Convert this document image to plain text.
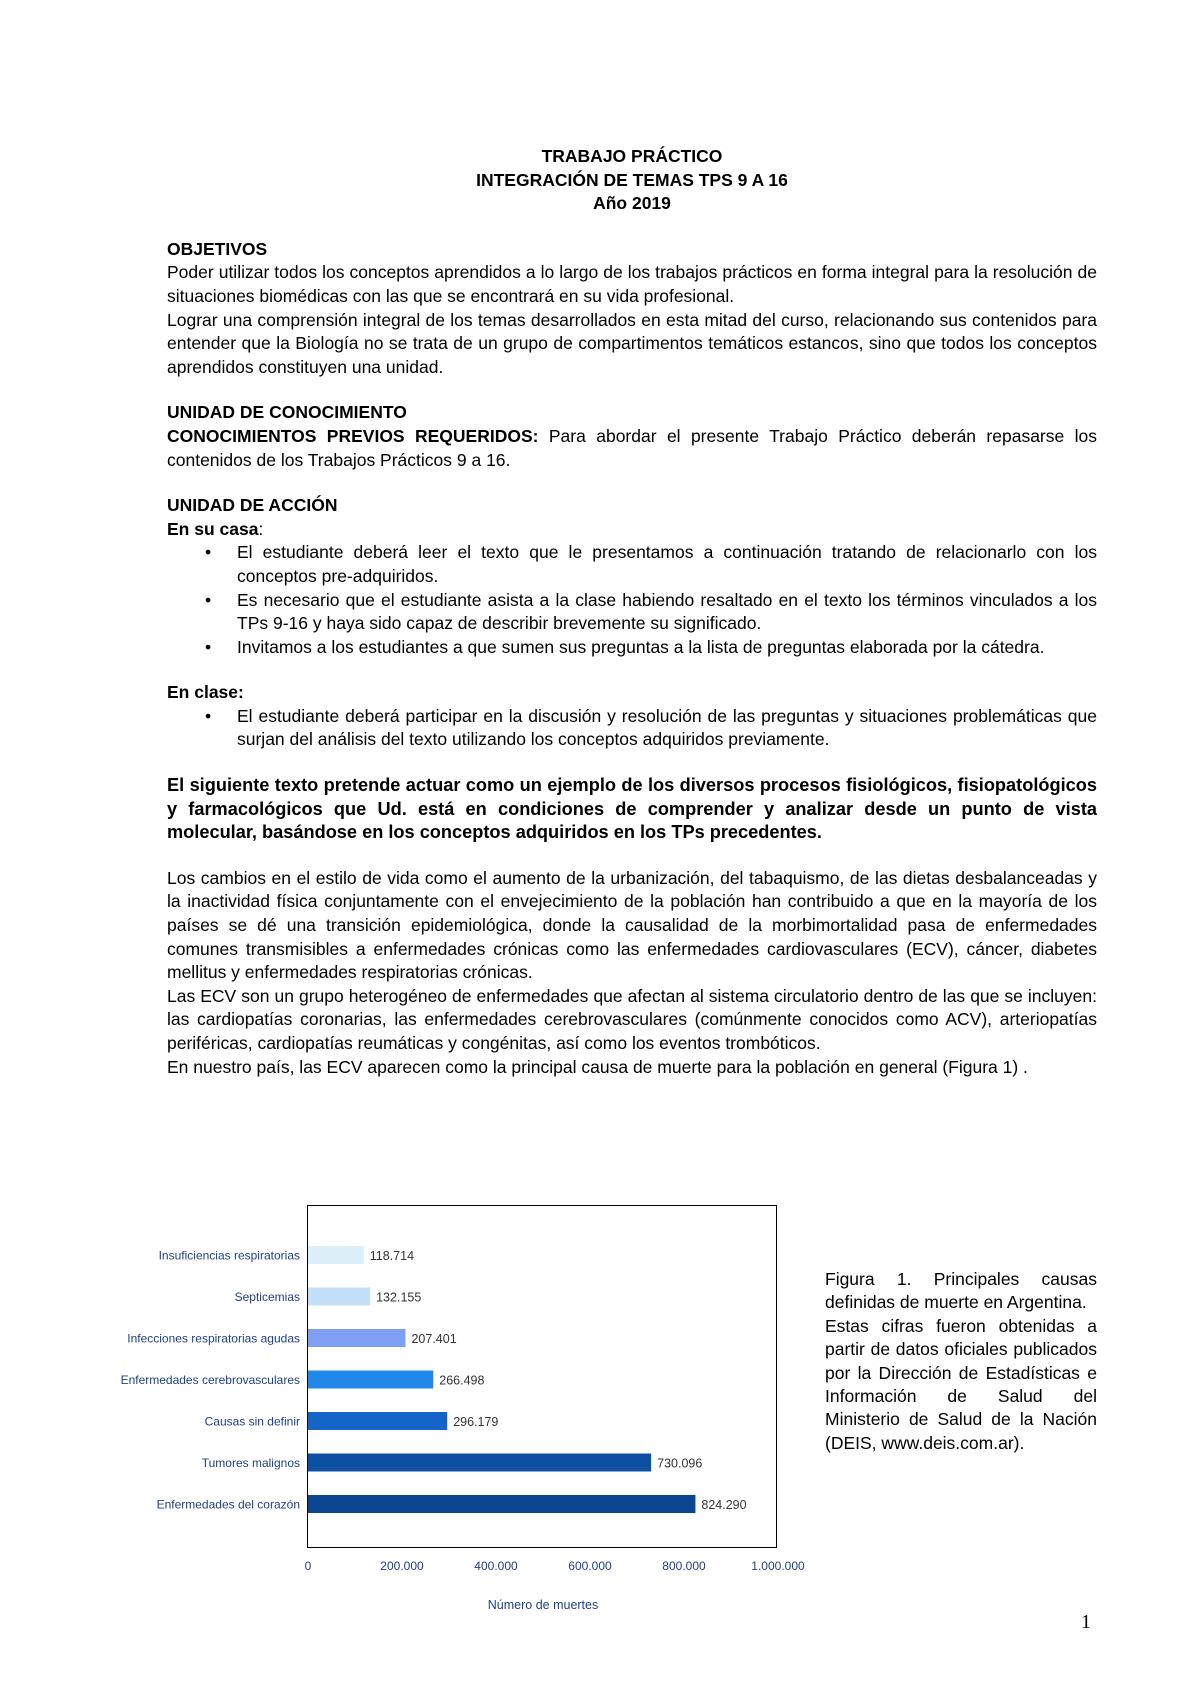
TRABAJO PRÁCTICO

INTEGRACIÓN DE TEMAS TPS 9 A 16

Año 2019

OBJETIVOS

Poder utilizar todos los conceptos aprendidos a lo largo de los trabajos prácticos en forma integral para la resolución de situaciones biomédicas con las que se encontrará en su vida profesional.

Lograr una comprensión integral de los temas desarrollados en esta mitad del curso, relacionando sus contenidos para entender que la Biología no se trata de un grupo de compartimentos temáticos estancos, sino que todos los conceptos aprendidos constituyen una unidad.

UNIDAD DE CONOCIMIENTO

CONOCIMIENTOS PREVIOS REQUERIDOS: Para abordar el presente Trabajo Práctico deberán repasarse los contenidos de los Trabajos Prácticos 9 a 16.

UNIDAD DE ACCIÓN

En su casa:

• El estudiante deberá leer el texto que le presentamos a continuación tratando de relacionarlo con los conceptos pre-adquiridos.
• Es necesario que el estudiante asista a la clase habiendo resaltado en el texto los términos vinculados a los TPs 9-16 y haya sido capaz de describir brevemente su significado.
• Invitamos a los estudiantes a que sumen sus preguntas a la lista de preguntas elaborada por la cátedra.

En clase:

• El estudiante deberá participar en la discusión y resolución de las preguntas y situaciones problemáticas que surjan del análisis del texto utilizando los conceptos adquiridos previamente.

El siguiente texto pretende actuar como un ejemplo de los diversos procesos fisiológicos, fisiopatológicos y farmacológicos que Ud. está en condiciones de comprender y analizar desde un punto de vista molecular, basándose en los conceptos adquiridos en los TPs precedentes.

Los cambios en el estilo de vida como el aumento de la urbanización, del tabaquismo, de las dietas desbalanceadas y la inactividad física conjuntamente con el envejecimiento de la población han contribuido a que en la mayoría de los países se dé una transición epidemiológica, donde la causalidad de la morbimortalidad pasa de enfermedades comunes transmisibles a enfermedades crónicas como las enfermedades cardiovasculares (ECV), cáncer, diabetes mellitus y enfermedades respiratorias crónicas.

Las ECV son un grupo heterogéneo de enfermedades que afectan al sistema circulatorio dentro de las que se incluyen: las cardiopatías coronarias, las enfermedades cerebrovasculares (comúnmente conocidos como ACV), arteriopatías periféricas, cardiopatías reumáticas y congénitas, así como los eventos trombóticos.

En nuestro país, las ECV aparecen como la principal causa de muerte para la población en general (Figura 1) .

Insuficiencias respiratorias	118.714
Septicemias	132.155
Infecciones respiratorias agudas	207.401
Enfermedades cerebrovasculares	266.498
Causas sin definir	296.179
Tumores malignos	730.096
Enfermedades del corazón	824.290
0	200.000	400.000	600.000	800.000	1.000.000
Número de muertes

Figura 1. Principales causas definidas de muerte en Argentina.

Estas cifras fueron obtenidas a partir de datos oficiales publicados por la Dirección de Estadísticas e Información de Salud del Ministerio de Salud de la Nación (DEIS, www.deis.com.ar).

1
